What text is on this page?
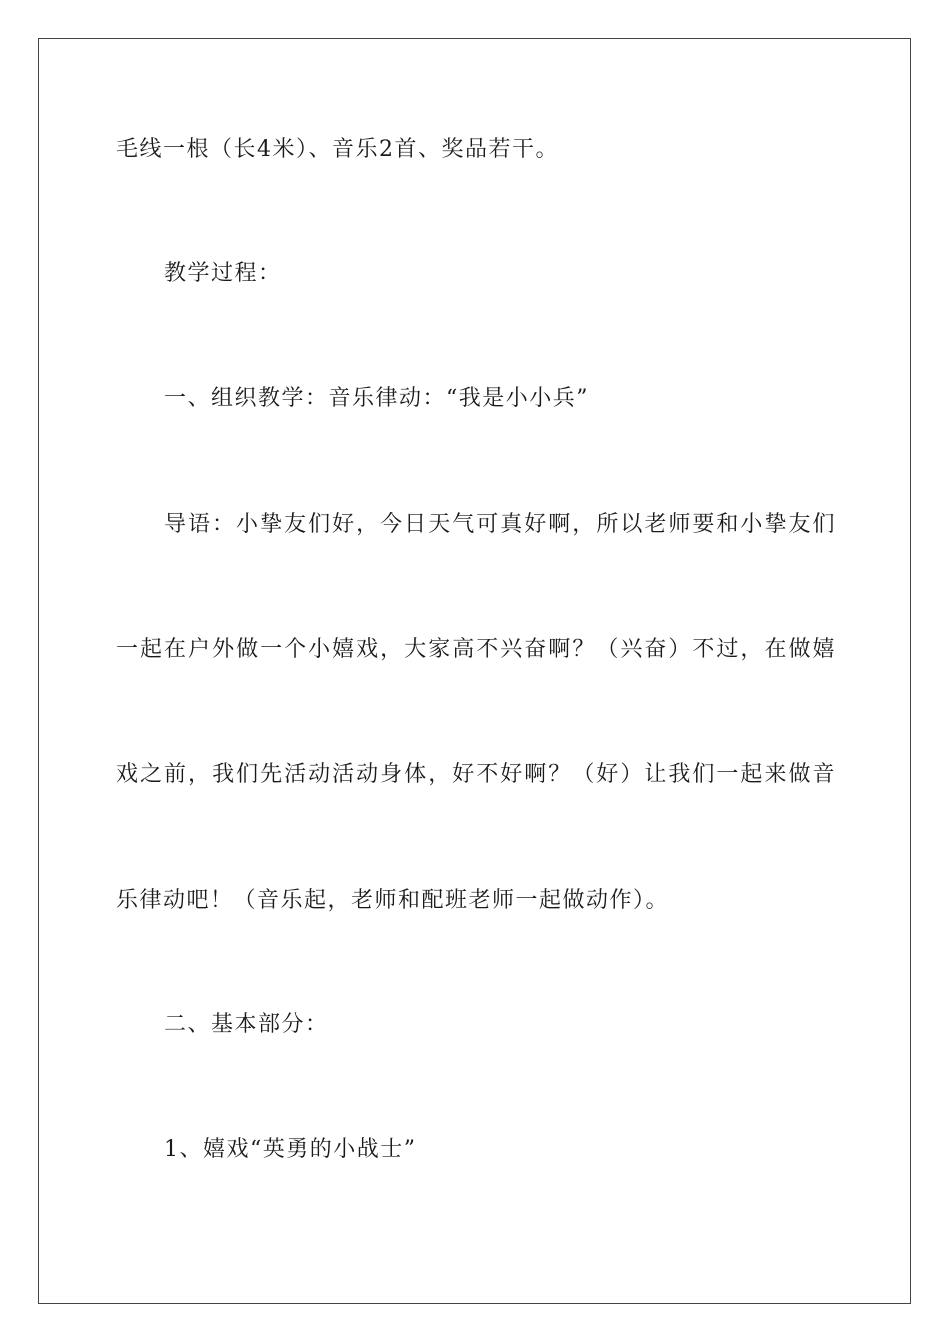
毛线一根（长4米）、音乐2首、奖品若干。
教学过程：
一、组织教学：音乐律动：“我是小小兵”
导语：小挚友们好，今日天气可真好啊，所以老师要和小挚友们
一起在户外做一个小嬉戏，大家高不兴奋啊？（兴奋）不过，在做嬉
戏之前，我们先活动活动身体，好不好啊？（好）让我们一起来做音
乐律动吧！（音乐起，老师和配班老师一起做动作）。
二、基本部分：
1、嬉戏“英勇的小战士”
